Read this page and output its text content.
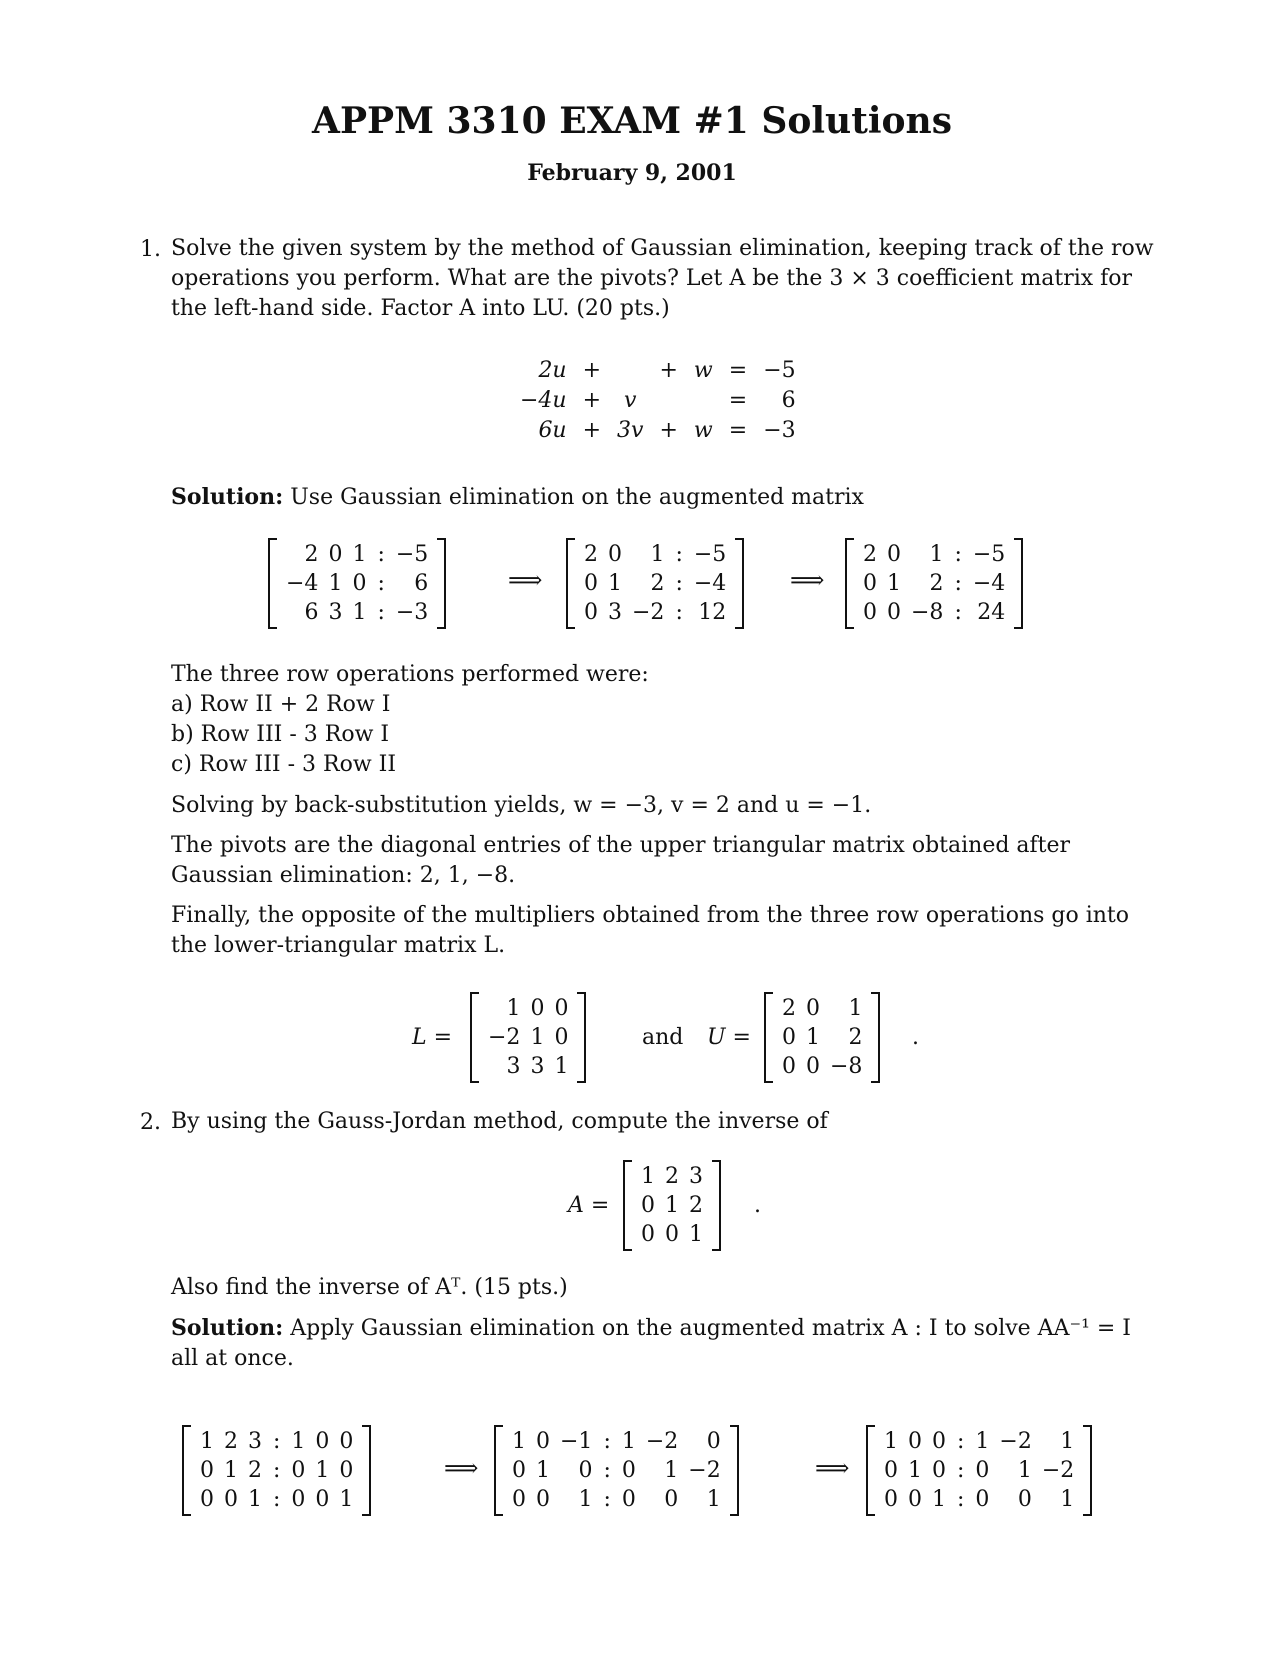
APPM 3310 EXAM #1 Solutions
February 9, 2001
1. Solve the given system by the method of Gaussian elimination, keeping track of the row operations you perform. What are the pivots? Let A be the 3 × 3 coefficient matrix for the left-hand side. Factor A into LU. (20 pts.)
2u	+		+	w	=	−5
−4u	+	v			=	6
6u	+	3v	+	w	=	−3
Solution: Use Gaussian elimination on the augmented matrix
2	0	1	:	−5
−4	1	0	:	6
6	3	1	:	−3
⟹
2	0	1	:	−5
0	1	2	:	−4
0	3	−2	:	12
⟹
2	0	1	:	−5
0	1	2	:	−4
0	0	−8	:	24
The three row operations performed were:
a) Row II + 2 Row I
b) Row III - 3 Row I
c) Row III - 3 Row II
Solving by back-substitution yields, w = −3, v = 2 and u = −1.
The pivots are the diagonal entries of the upper triangular matrix obtained after Gaussian elimination: 2, 1, −8.
Finally, the opposite of the multipliers obtained from the three row operations go into the lower-triangular matrix L.
L =
1	0	0
−2	1	0
3	3	1
and U =
2	0	1
0	1	2
0	0	−8
.
2. By using the Gauss-Jordan method, compute the inverse of
A =
1	2	3
0	1	2
0	0	1
.
Also find the inverse of Aᵀ. (15 pts.)
Solution: Apply Gaussian elimination on the augmented matrix A : I to solve AA⁻¹ = I all at once.
1	2	3	:	1	0	0
0	1	2	:	0	1	0
0	0	1	:	0	0	1
⟹
1	0	−1	:	1	−2	0
0	1	0	:	0	1	−2
0	0	1	:	0	0	1
⟹
1	0	0	:	1	−2	1
0	1	0	:	0	1	−2
0	0	1	:	0	0	1
